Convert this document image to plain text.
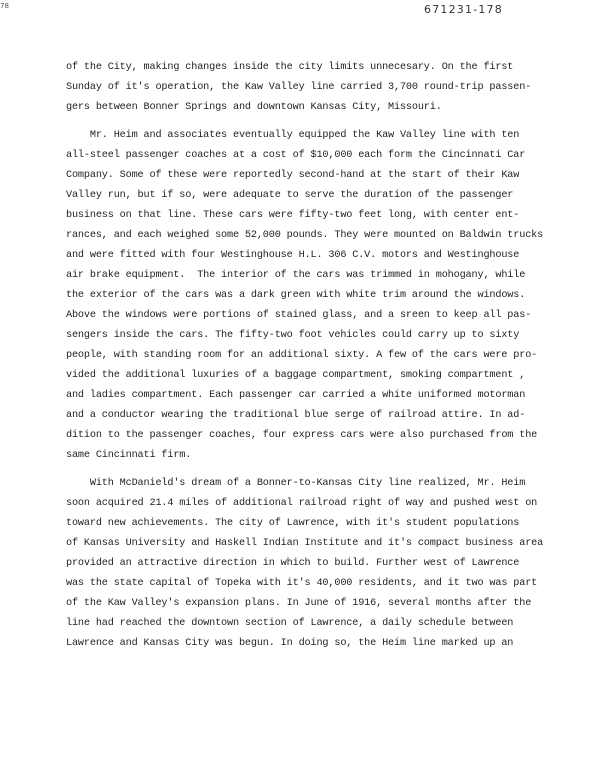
78	671231-178
of the City, making changes inside the city limits unnecesary. On the first
Sunday of it's operation, the Kaw Valley line carried 3,700 round-trip passen-
gers between Bonner Springs and downtown Kansas City, Missouri.
Mr. Heim and associates eventually equipped the Kaw Valley line with ten
all-steel passenger coaches at a cost of $10,000 each form the Cincinnati Car
Company. Some of these were reportedly second-hand at the start of their Kaw
Valley run, but if so, were adequate to serve the duration of the passenger
business on that line. These cars were fifty-two feet long, with center ent-
rances, and each weighed some 52,000 pounds. They were mounted on Baldwin trucks
and were fitted with four Westinghouse H.L. 306 C.V. motors and Westinghouse
air brake equipment.  The interior of the cars was trimmed in mohogany, while
the exterior of the cars was a dark green with white trim around the windows.
Above the windows were portions of stained glass, and a sreen to keep all pas-
sengers inside the cars. The fifty-two foot vehicles could carry up to sixty
people, with standing room for an additional sixty. A few of the cars were pro-
vided the additional luxuries of a baggage compartment, smoking compartment ,
and ladies compartment. Each passenger car carried a white uniformed motorman
and a conductor wearing the traditional blue serge of railroad attire. In ad-
dition to the passenger coaches, four express cars were also purchased from the
same Cincinnati firm.
With McDanield's dream of a Bonner-to-Kansas City line realized, Mr. Heim
soon acquired 21.4 miles of additional railroad right of way and pushed west on
toward new achievements. The city of Lawrence, with it's student populations
of Kansas University and Haskell Indian Institute and it's compact business area
provided an attractive direction in which to build. Further west of Lawrence
was the state capital of Topeka with it's 40,000 residents, and it two was part
of the Kaw Valley's expansion plans. In June of 1916, several months after the
line had reached the downtown section of Lawrence, a daily schedule between
Lawrence and Kansas City was begun. In doing so, the Heim line marked up an
